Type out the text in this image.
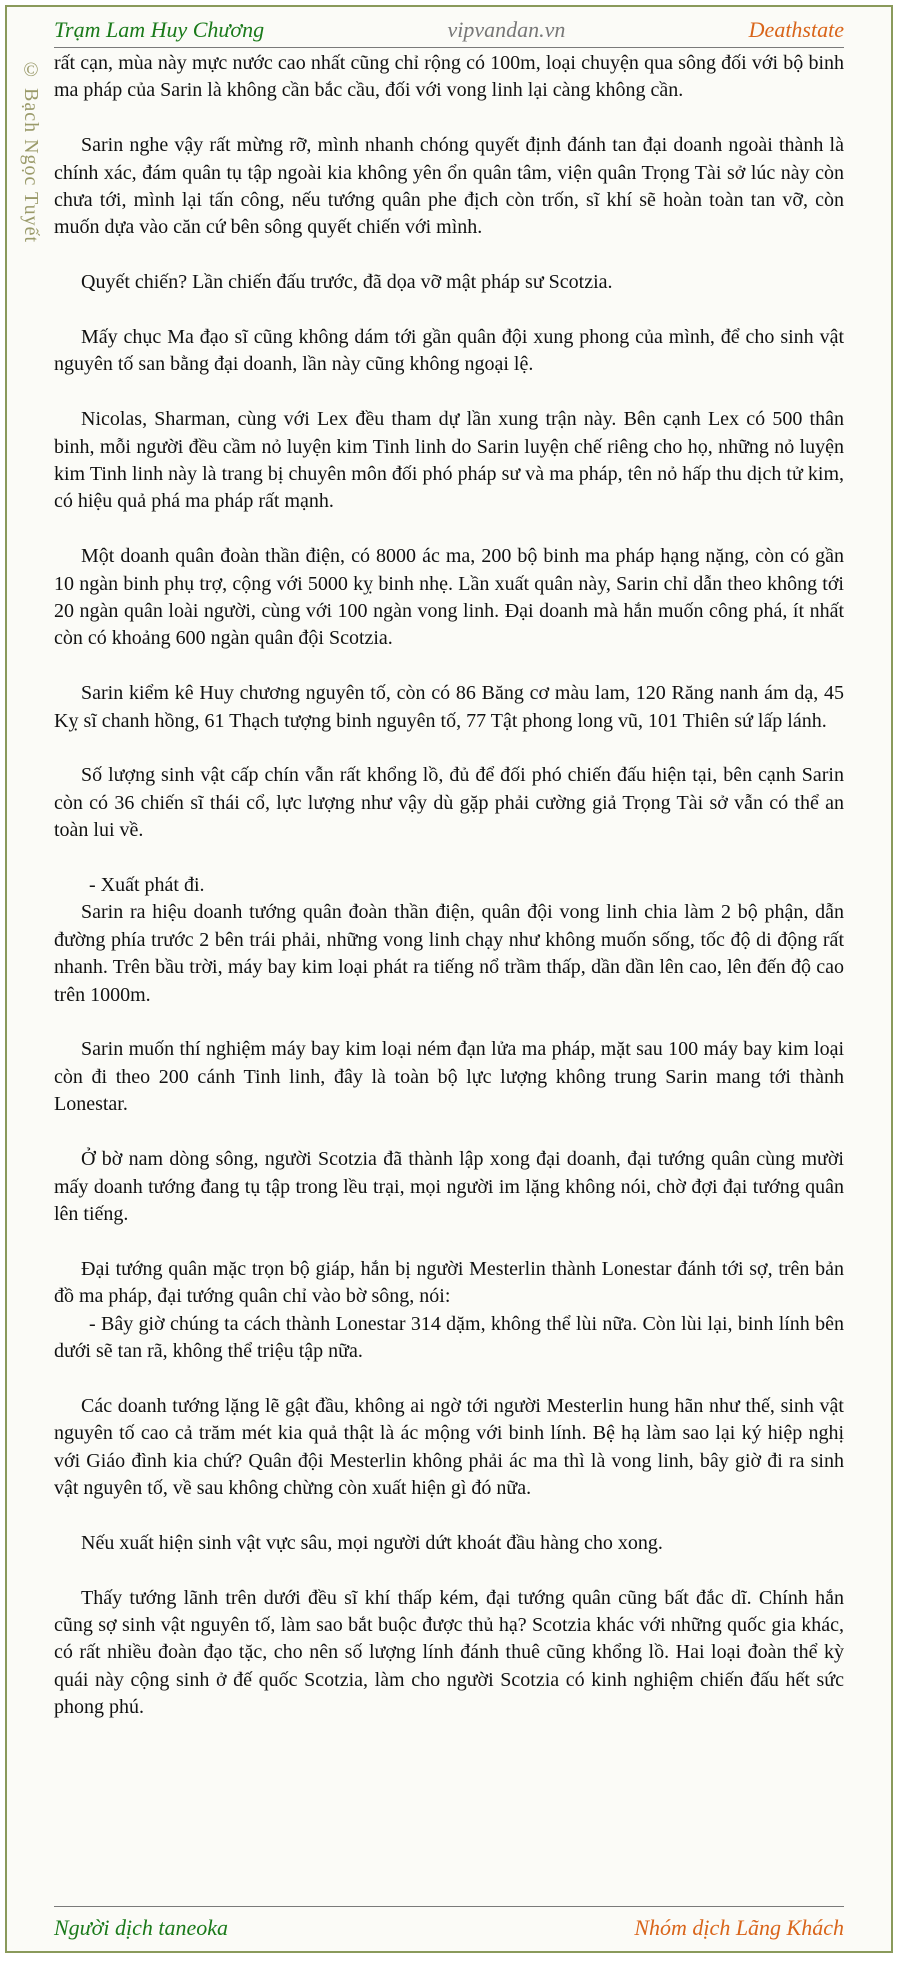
Trạm Lam Huy Chương	vipvandan.vn	Deathstate
© Bạch Ngọc Tuyết rất cạn, mùa này mực nước cao nhất cũng chỉ rộng có 100m, loại chuyện qua sông đối với bộ binh ma pháp của Sarin là không cần bắc cầu, đối với vong linh lại càng không cần.

Sarin nghe vậy rất mừng rỡ, mình nhanh chóng quyết định đánh tan đại doanh ngoài thành là chính xác, đám quân tụ tập ngoài kia không yên ổn quân tâm, viện quân Trọng Tài sở lúc này còn chưa tới, mình lại tấn công, nếu tướng quân phe địch còn trốn, sĩ khí sẽ hoàn toàn tan vỡ, còn muốn dựa vào căn cứ bên sông quyết chiến với mình.

Quyết chiến? Lần chiến đấu trước, đã dọa vỡ mật pháp sư Scotzia.

Mấy chục Ma đạo sĩ cũng không dám tới gần quân đội xung phong của mình, để cho sinh vật nguyên tố san bằng đại doanh, lần này cũng không ngoại lệ.

Nicolas, Sharman, cùng với Lex đều tham dự lần xung trận này. Bên cạnh Lex có 500 thân binh, mỗi người đều cầm nỏ luyện kim Tinh linh do Sarin luyện chế riêng cho họ, những nỏ luyện kim Tinh linh này là trang bị chuyên môn đối phó pháp sư và ma pháp, tên nỏ hấp thu dịch tử kim, có hiệu quả phá ma pháp rất mạnh.

Một doanh quân đoàn thần điện, có 8000 ác ma, 200 bộ binh ma pháp hạng nặng, còn có gần 10 ngàn binh phụ trợ, cộng với 5000 kỵ binh nhẹ. Lần xuất quân này, Sarin chỉ dẫn theo không tới 20 ngàn quân loài người, cùng với 100 ngàn vong linh. Đại doanh mà hắn muốn công phá, ít nhất còn có khoảng 600 ngàn quân đội Scotzia.

Sarin kiểm kê Huy chương nguyên tố, còn có 86 Băng cơ màu lam, 120 Răng nanh ám dạ, 45 Kỵ sĩ chanh hồng, 61 Thạch tượng binh nguyên tố, 77 Tật phong long vũ, 101 Thiên sứ lấp lánh.

Số lượng sinh vật cấp chín vẫn rất khổng lồ, đủ để đối phó chiến đấu hiện tại, bên cạnh Sarin còn có 36 chiến sĩ thái cổ, lực lượng như vậy dù gặp phải cường giả Trọng Tài sở vẫn có thể an toàn lui về.

- Xuất phát đi.

Sarin ra hiệu doanh tướng quân đoàn thần điện, quân đội vong linh chia làm 2 bộ phận, dẫn đường phía trước 2 bên trái phải, những vong linh chạy như không muốn sống, tốc độ di động rất nhanh. Trên bầu trời, máy bay kim loại phát ra tiếng nổ trầm thấp, dần dần lên cao, lên đến độ cao trên 1000m.

Sarin muốn thí nghiệm máy bay kim loại ném đạn lửa ma pháp, mặt sau 100 máy bay kim loại còn đi theo 200 cánh Tinh linh, đây là toàn bộ lực lượng không trung Sarin mang tới thành Lonestar.

Ở bờ nam dòng sông, người Scotzia đã thành lập xong đại doanh, đại tướng quân cùng mười mấy doanh tướng đang tụ tập trong lều trại, mọi người im lặng không nói, chờ đợi đại tướng quân lên tiếng.

Đại tướng quân mặc trọn bộ giáp, hắn bị người Mesterlin thành Lonestar đánh tới sợ, trên bản đồ ma pháp, đại tướng quân chỉ vào bờ sông, nói:

- Bây giờ chúng ta cách thành Lonestar 314 dặm, không thể lùi nữa. Còn lùi lại, binh lính bên dưới sẽ tan rã, không thể triệu tập nữa.

Các doanh tướng lặng lẽ gật đầu, không ai ngờ tới người Mesterlin hung hãn như thế, sinh vật nguyên tố cao cả trăm mét kia quả thật là ác mộng với binh lính. Bệ hạ làm sao lại ký hiệp nghị với Giáo đình kia chứ? Quân đội Mesterlin không phải ác ma thì là vong linh, bây giờ đi ra sinh vật nguyên tố, về sau không chừng còn xuất hiện gì đó nữa.

Nếu xuất hiện sinh vật vực sâu, mọi người dứt khoát đầu hàng cho xong.

Thấy tướng lãnh trên dưới đều sĩ khí thấp kém, đại tướng quân cũng bất đắc dĩ. Chính hắn cũng sợ sinh vật nguyên tố, làm sao bắt buộc được thủ hạ? Scotzia khác với những quốc gia khác, có rất nhiều đoàn đạo tặc, cho nên số lượng lính đánh thuê cũng khổng lồ. Hai loại đoàn thể kỳ quái này cộng sinh ở đế quốc Scotzia, làm cho người Scotzia có kinh nghiệm chiến đấu hết sức phong phú.

Người dịch taneoka	Nhóm dịch Lãng Khách
